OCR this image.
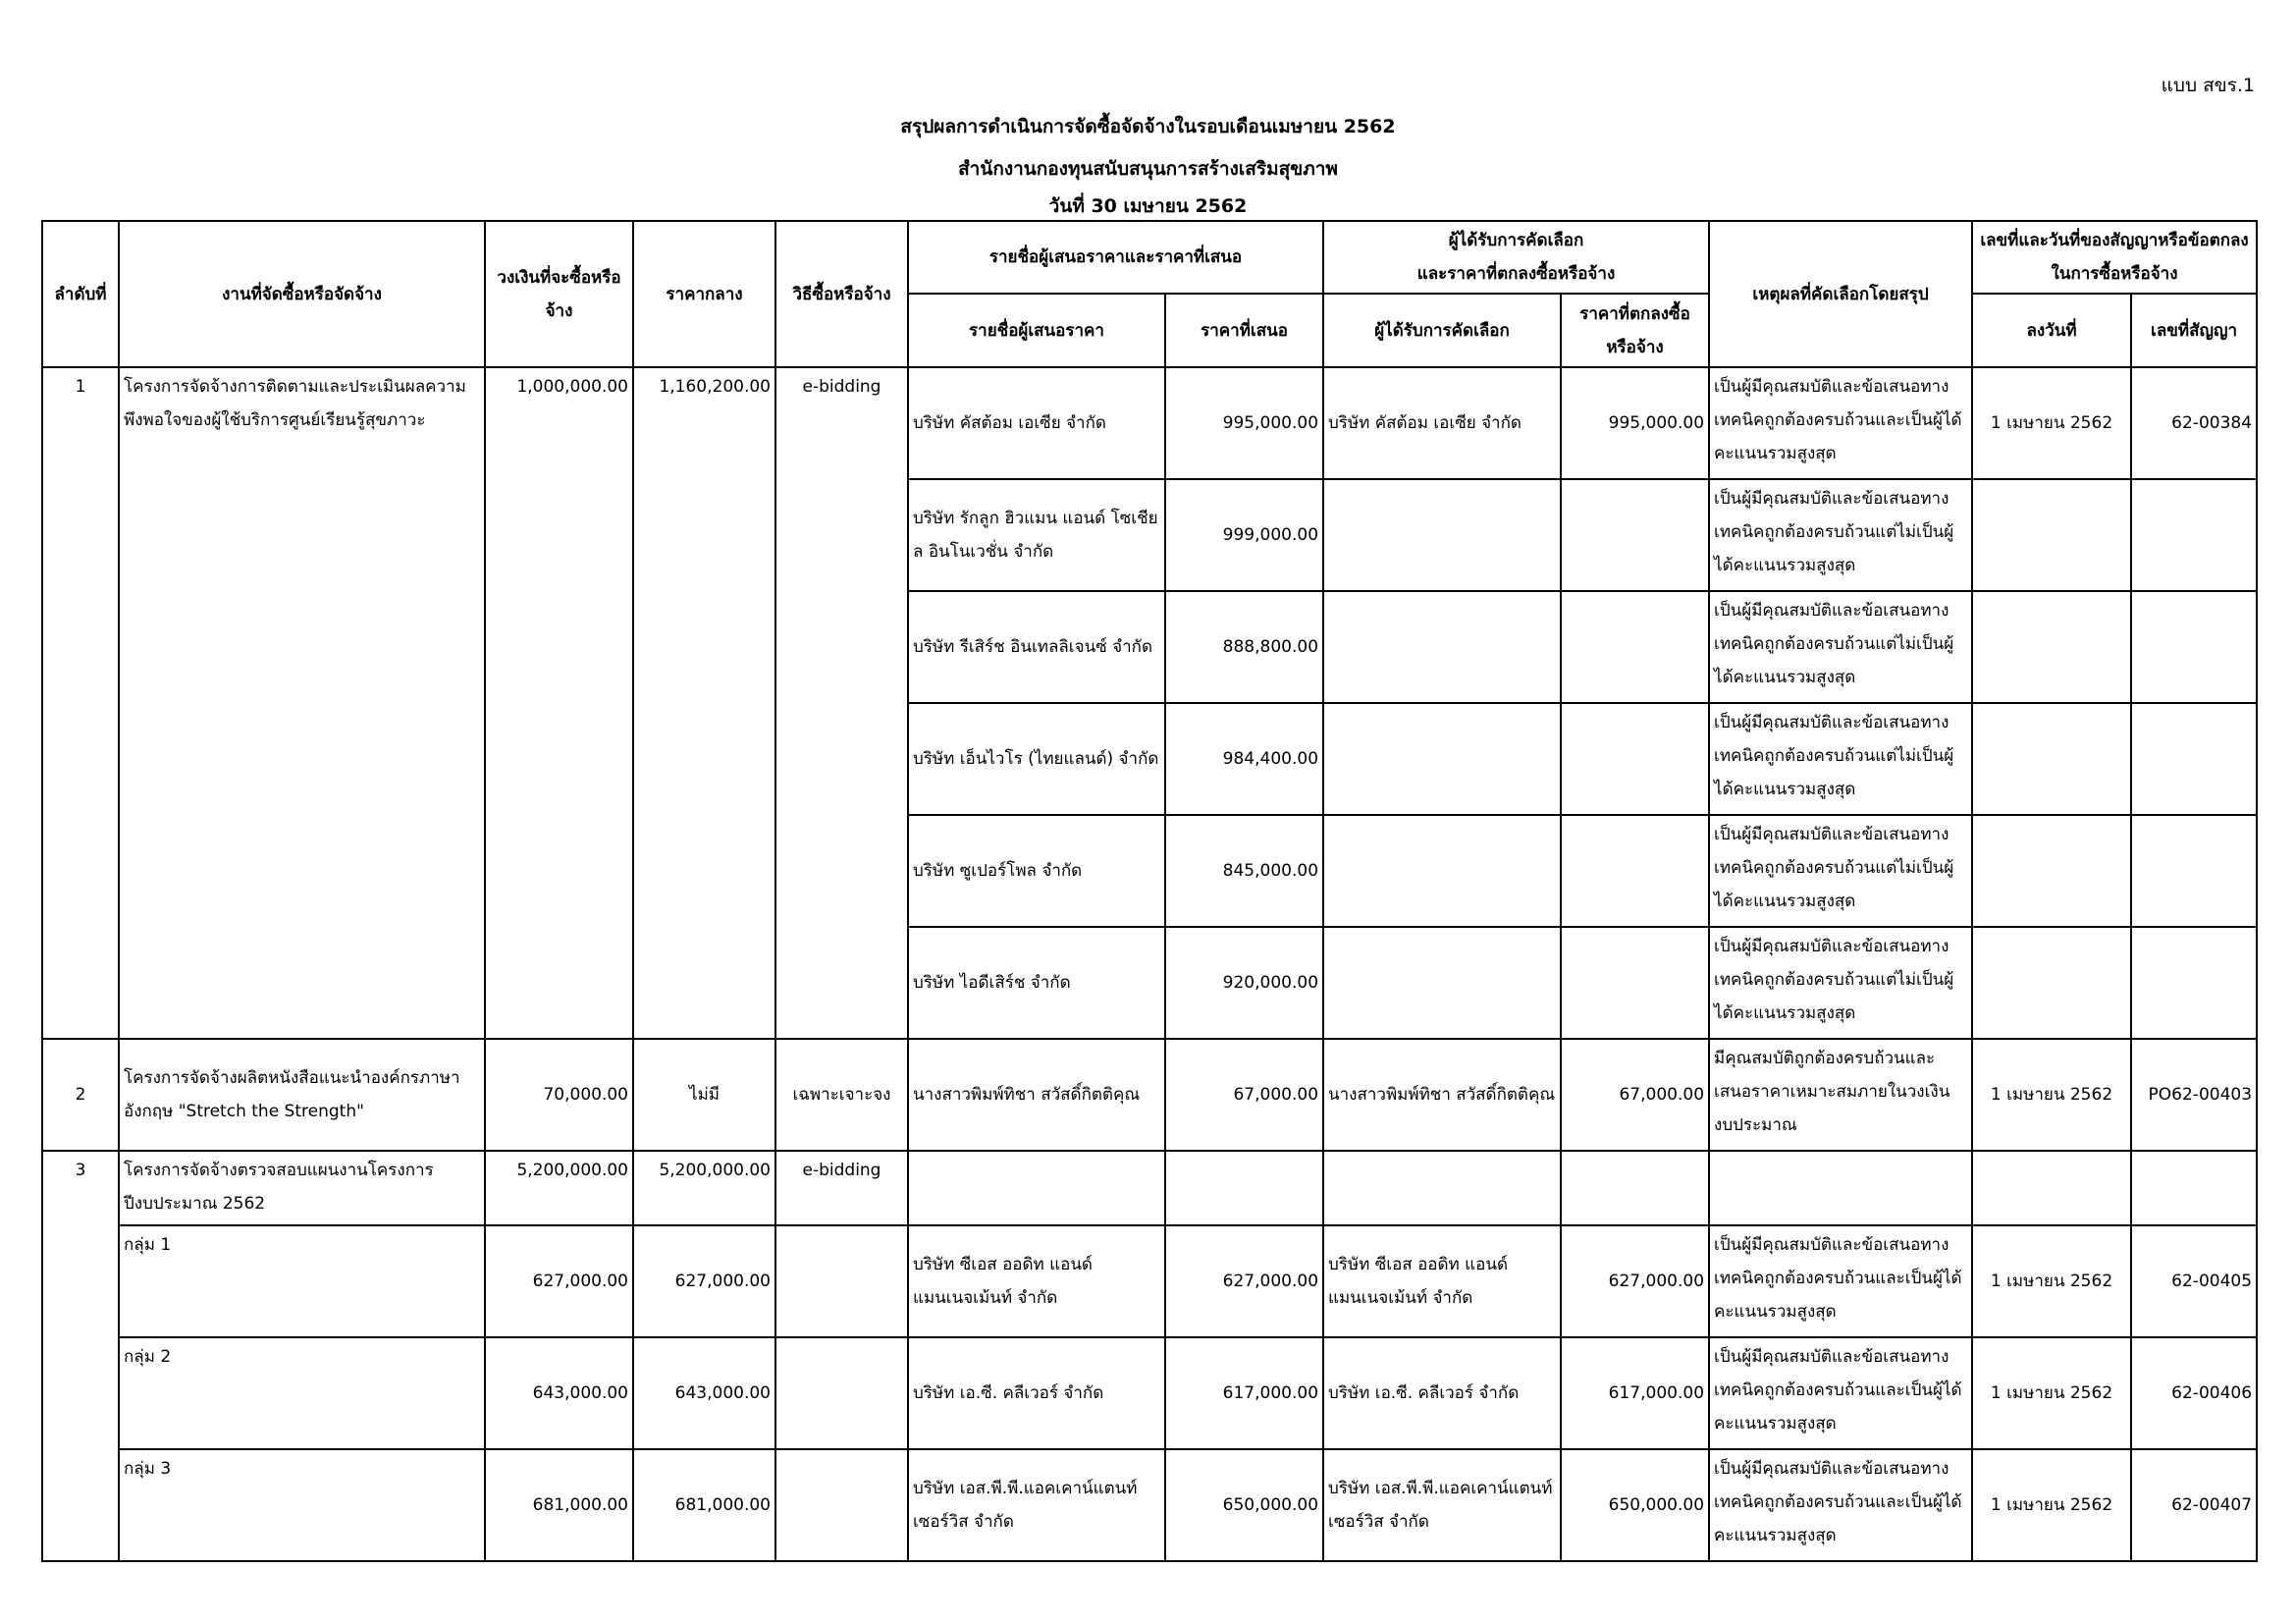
แบบ สขร.1
สรุปผลการดำเนินการจัดซื้อจัดจ้างในรอบเดือนเมษายน 2562
สำนักงานกองทุนสนับสนุนการสร้างเสริมสุขภาพ
วันที่ 30 เมษายน 2562
ลำดับที่	งานที่จัดซื้อหรือจัดจ้าง	วงเงินที่จะซื้อหรือจ้าง	ราคากลาง	วิธีซื้อหรือจ้าง	รายชื่อผู้เสนอราคาและราคาที่เสนอ		ผู้ได้รับการคัดเลือก
และราคาที่ตกลงซื้อหรือจ้าง		เหตุผลที่คัดเลือกโดยสรุป	เลขที่และวันที่ของสัญญาหรือข้อตกลงในการซื้อหรือจ้าง	
					รายชื่อผู้เสนอราคา	ราคาที่เสนอ	ผู้ได้รับการคัดเลือก	ราคาที่ตกลงซื้อหรือจ้าง		ลงวันที่	เลขที่สัญญา
1	โครงการจัดจ้างการติดตามและประเมินผลความพึงพอใจของผู้ใช้บริการศูนย์เรียนรู้สุขภาวะ	1,000,000.00	1,160,200.00	e-bidding	บริษัท คัสต้อม เอเซีย จำกัด	995,000.00	บริษัท คัสต้อม เอเซีย จำกัด	995,000.00	เป็นผู้มีคุณสมบัติและข้อเสนอทางเทคนิคถูกต้องครบถ้วนและเป็นผู้ได้คะแนนรวมสูงสุด	1 เมษายน 2562	62-00384
					บริษัท รักลูก ฮิวแมน แอนด์ โซเชียล อินโนเวชั่น จำกัด	999,000.00			เป็นผู้มีคุณสมบัติและข้อเสนอทางเทคนิคถูกต้องครบถ้วนแต่ไม่เป็นผู้ได้คะแนนรวมสูงสุด		
					บริษัท รีเสิร์ช อินเทลลิเจนซ์ จำกัด	888,800.00			เป็นผู้มีคุณสมบัติและข้อเสนอทางเทคนิคถูกต้องครบถ้วนแต่ไม่เป็นผู้ได้คะแนนรวมสูงสุด		
					บริษัท เอ็นไวโร (ไทยแลนด์) จำกัด	984,400.00			เป็นผู้มีคุณสมบัติและข้อเสนอทางเทคนิคถูกต้องครบถ้วนแต่ไม่เป็นผู้ได้คะแนนรวมสูงสุด		
					บริษัท ซูเปอร์โพล จำกัด	845,000.00			เป็นผู้มีคุณสมบัติและข้อเสนอทางเทคนิคถูกต้องครบถ้วนแต่ไม่เป็นผู้ได้คะแนนรวมสูงสุด		
					บริษัท ไอดีเสิร์ช จำกัด	920,000.00			เป็นผู้มีคุณสมบัติและข้อเสนอทางเทคนิคถูกต้องครบถ้วนแต่ไม่เป็นผู้ได้คะแนนรวมสูงสุด		
2	โครงการจัดจ้างผลิตหนังสือแนะนำองค์กรภาษาอังกฤษ "Stretch the Strength"	70,000.00	ไม่มี	เฉพาะเจาะจง	นางสาวพิมพ์ทิชา สวัสดิ์กิตติคุณ	67,000.00	นางสาวพิมพ์ทิชา สวัสดิ์กิตติคุณ	67,000.00	มีคุณสมบัติถูกต้องครบถ้วนและเสนอราคาเหมาะสมภายในวงเงินงบประมาณ	1 เมษายน 2562	PO62-00403
3	โครงการจัดจ้างตรวจสอบแผนงานโครงการปีงบประมาณ 2562	5,200,000.00	5,200,000.00	e-bidding							
	กลุ่ม 1	627,000.00	627,000.00		บริษัท ซีเอส ออดิท แอนด์ แมนเนจเม้นท์ จำกัด	627,000.00	บริษัท ซีเอส ออดิท แอนด์ แมนเนจเม้นท์ จำกัด	627,000.00	เป็นผู้มีคุณสมบัติและข้อเสนอทางเทคนิคถูกต้องครบถ้วนและเป็นผู้ได้คะแนนรวมสูงสุด	1 เมษายน 2562	62-00405
	กลุ่ม 2	643,000.00	643,000.00		บริษัท เอ.ซี. คลีเวอร์ จำกัด	617,000.00	บริษัท เอ.ซี. คลีเวอร์ จำกัด	617,000.00	เป็นผู้มีคุณสมบัติและข้อเสนอทางเทคนิคถูกต้องครบถ้วนและเป็นผู้ได้คะแนนรวมสูงสุด	1 เมษายน 2562	62-00406
	กลุ่ม 3	681,000.00	681,000.00		บริษัท เอส.พี.พี.แอคเคาน์แตนท์ เซอร์วิส จำกัด	650,000.00	บริษัท เอส.พี.พี.แอคเคาน์แตนท์ เซอร์วิส จำกัด	650,000.00	เป็นผู้มีคุณสมบัติและข้อเสนอทางเทคนิคถูกต้องครบถ้วนและเป็นผู้ได้คะแนนรวมสูงสุด	1 เมษายน 2562	62-00407
